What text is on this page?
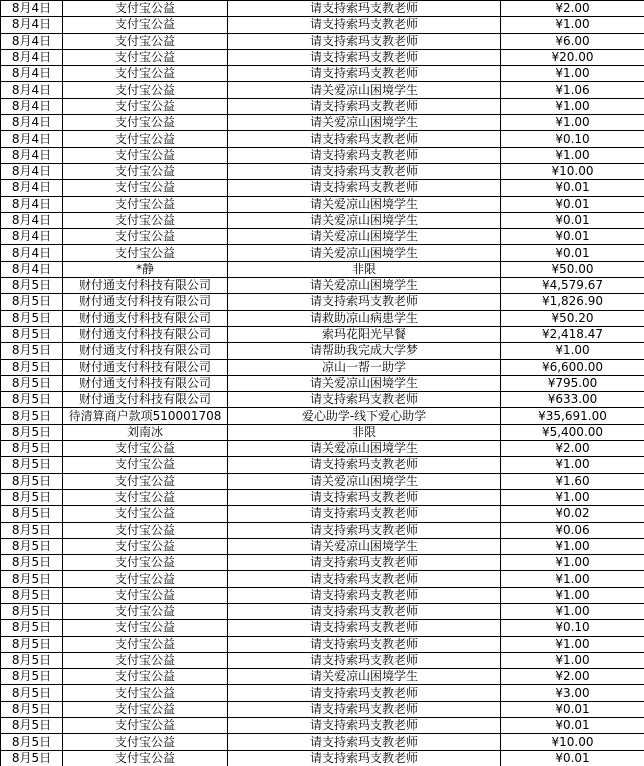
8月4日	支付宝公益	请支持索玛支教老师	¥2.00
8月4日	支付宝公益	请支持索玛支教老师	¥1.00
8月4日	支付宝公益	请支持索玛支教老师	¥6.00
8月4日	支付宝公益	请支持索玛支教老师	¥20.00
8月4日	支付宝公益	请支持索玛支教老师	¥1.00
8月4日	支付宝公益	请关爱凉山困境学生	¥1.06
8月4日	支付宝公益	请支持索玛支教老师	¥1.00
8月4日	支付宝公益	请关爱凉山困境学生	¥1.00
8月4日	支付宝公益	请支持索玛支教老师	¥0.10
8月4日	支付宝公益	请支持索玛支教老师	¥1.00
8月4日	支付宝公益	请支持索玛支教老师	¥10.00
8月4日	支付宝公益	请支持索玛支教老师	¥0.01
8月4日	支付宝公益	请关爱凉山困境学生	¥0.01
8月4日	支付宝公益	请关爱凉山困境学生	¥0.01
8月4日	支付宝公益	请关爱凉山困境学生	¥0.01
8月4日	支付宝公益	请关爱凉山困境学生	¥0.01
8月4日	*静	非限	¥50.00
8月5日	财付通支付科技有限公司	请关爱凉山困境学生	¥4,579.67
8月5日	财付通支付科技有限公司	请支持索玛支教老师	¥1,826.90
8月5日	财付通支付科技有限公司	请救助凉山病患学生	¥50.20
8月5日	财付通支付科技有限公司	索玛花阳光早餐	¥2,418.47
8月5日	财付通支付科技有限公司	请帮助我完成大学梦	¥1.00
8月5日	财付通支付科技有限公司	凉山一帮一助学	¥6,600.00
8月5日	财付通支付科技有限公司	请关爱凉山困境学生	¥795.00
8月5日	财付通支付科技有限公司	请支持索玛支教老师	¥633.00
8月5日	待清算商户款项510001708	爱心助学-线下爱心助学	¥35,691.00
8月5日	刘南冰	非限	¥5,400.00
8月5日	支付宝公益	请关爱凉山困境学生	¥2.00
8月5日	支付宝公益	请支持索玛支教老师	¥1.00
8月5日	支付宝公益	请关爱凉山困境学生	¥1.60
8月5日	支付宝公益	请支持索玛支教老师	¥1.00
8月5日	支付宝公益	请支持索玛支教老师	¥0.02
8月5日	支付宝公益	请支持索玛支教老师	¥0.06
8月5日	支付宝公益	请关爱凉山困境学生	¥1.00
8月5日	支付宝公益	请支持索玛支教老师	¥1.00
8月5日	支付宝公益	请支持索玛支教老师	¥1.00
8月5日	支付宝公益	请支持索玛支教老师	¥1.00
8月5日	支付宝公益	请支持索玛支教老师	¥1.00
8月5日	支付宝公益	请支持索玛支教老师	¥0.10
8月5日	支付宝公益	请支持索玛支教老师	¥1.00
8月5日	支付宝公益	请支持索玛支教老师	¥1.00
8月5日	支付宝公益	请关爱凉山困境学生	¥2.00
8月5日	支付宝公益	请支持索玛支教老师	¥3.00
8月5日	支付宝公益	请支持索玛支教老师	¥0.01
8月5日	支付宝公益	请支持索玛支教老师	¥0.01
8月5日	支付宝公益	请支持索玛支教老师	¥10.00
8月5日	支付宝公益	请支持索玛支教老师	¥0.01
